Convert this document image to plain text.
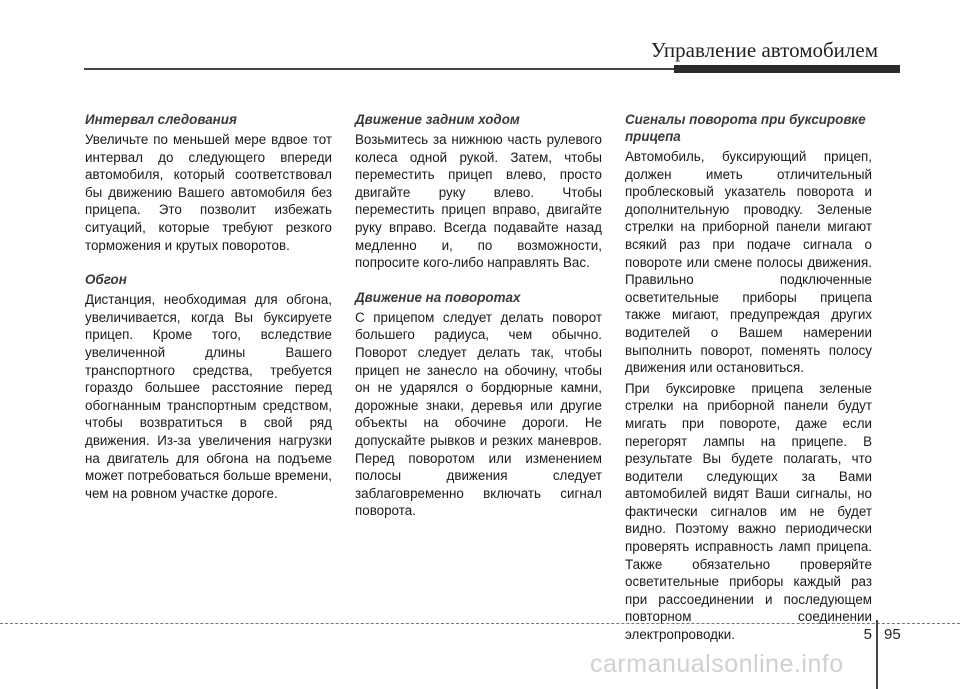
Управление автомобилем
Интервал следования

Увеличьте по меньшей мере вдвое тот интервал до следующего впереди автомобиля, который соответствовал бы движению Вашего автомобиля без прицепа. Это позволит избежать ситуаций, которые требуют резкого торможения и крутых поворотов.

Обгон

Дистанция, необходимая для обгона, увеличивается, когда Вы буксируете прицеп. Кроме того, вследствие увеличенной длины Вашего транспортного средства, требуется гораздо большее расстояние перед обогнанным транспортным средством, чтобы возвратиться в свой ряд движения. Из-за увеличения нагрузки на двигатель для обгона на подъеме может потребоваться больше времени, чем на ровном участке дороге.

Движение задним ходом

Возьмитесь за нижнюю часть рулевого колеса одной рукой. Затем, чтобы переместить прицеп влево, просто двигайте руку влево. Чтобы переместить прицеп вправо, двигайте руку вправо. Всегда подавайте назад медленно и, по возможности, попросите кого-либо направлять Вас.

Движение на поворотах

С прицепом следует делать поворот большего радиуса, чем обычно. Поворот следует делать так, чтобы прицеп не занесло на обочину, чтобы он не ударялся о бордюрные камни, дорожные знаки, деревья или другие объекты на обочине дороги. Не допускайте рывков и резких маневров. Перед поворотом или изменением полосы движения следует заблаговременно включать сигнал поворота.

Сигналы поворота при буксировке прицепа

Автомобиль, буксирующий прицеп, должен иметь отличительный проблесковый указатель поворота и дополнительную проводку. Зеленые стрелки на приборной панели мигают всякий раз при подаче сигнала о повороте или смене полосы движения. Правильно подключенные осветительные приборы прицепа также мигают, предупреждая других водителей о Вашем намерении выполнить поворот, поменять полосу движения или остановиться.

При буксировке прицепа зеленые стрелки на приборной панели будут мигать при повороте, даже если перегорят лампы на прицепе. В результате Вы будете полагать, что водители следующих за Вами автомобилей видят Ваши сигналы, но фактически сигналов им не будет видно. Поэтому важно периодически проверять исправность ламп прицепа. Также обязательно проверяйте осветительные приборы каждый раз при рассоединении и последующем повторном соединении электропроводки.	5 95
carmanualsonline.info
